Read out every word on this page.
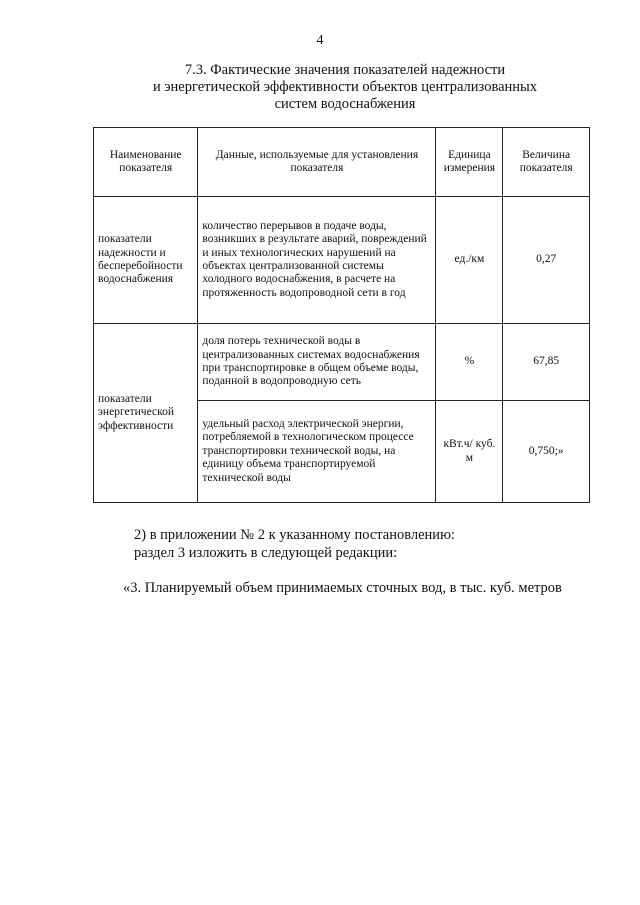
4
7.3. Фактические значения показателей надежности
и энергетической эффективности объектов централизованных
систем водоснабжения
Наименование показателя	Данные, используемые для установления показателя	Единица измерения	Величина показателя
показатели надежности и бесперебойности водоснабжения	количество перерывов в подаче воды, возникших в результате аварий, повреждений и иных технологических нарушений на объектах централизованной системы холодного водоснабжения, в расчете на протяженность водопроводной сети в год	ед./км	0,27
показатели энергетической эффективности	доля потерь технической воды в централизованных системах водоснабжения при транспортировке в общем объеме воды, поданной в водопроводную сеть	%	67,85
	удельный расход электрической энергии, потребляемой в технологическом процессе транспортировки технической воды, на единицу объема транспортируемой технической воды	кВт.ч/ куб. м	0,750;»
2) в приложении № 2 к указанному постановлению:
раздел 3 изложить в следующей редакции:
«3. Планируемый объем принимаемых сточных вод, в тыс. куб. метров
